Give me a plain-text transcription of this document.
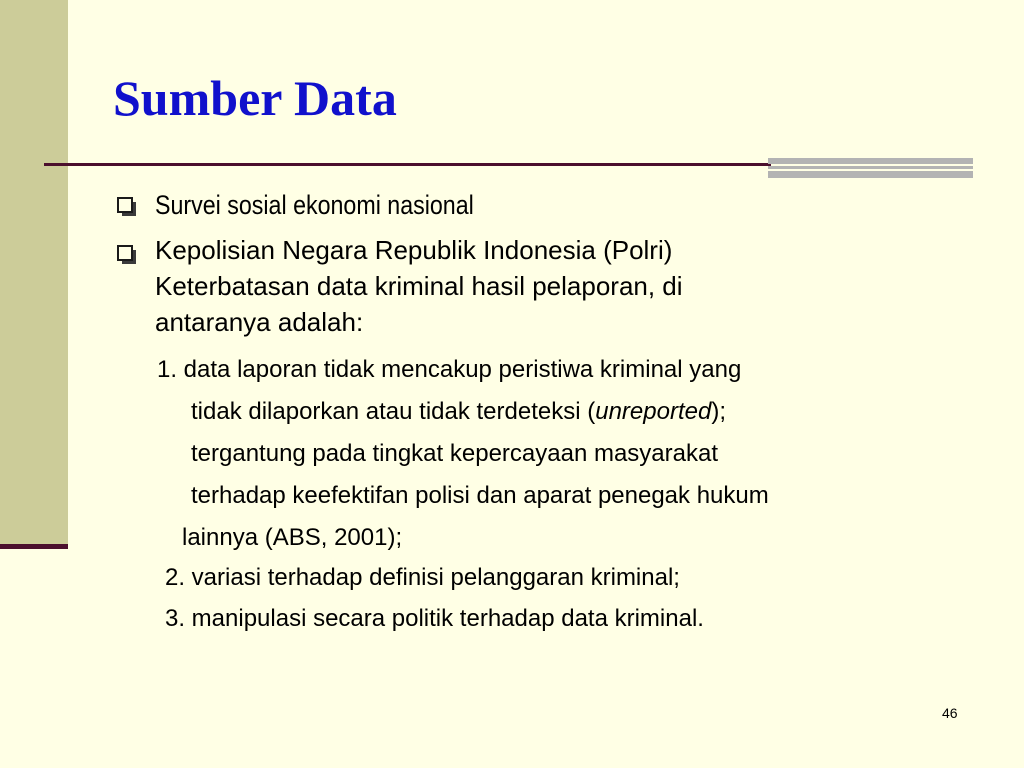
Sumber Data

Survei sosial ekonomi nasional

Kepolisian Negara Republik Indonesia (Polri)
Keterbatasan data kriminal hasil pelaporan, di
antaranya adalah:

1. data laporan tidak mencakup peristiwa kriminal yang

tidak dilaporkan atau tidak terdeteksi (unreported);

tergantung pada tingkat kepercayaan masyarakat

terhadap keefektifan polisi dan aparat penegak hukum

lainnya (ABS, 2001);

2. variasi terhadap definisi pelanggaran kriminal;

3. manipulasi secara politik terhadap data kriminal.

46
